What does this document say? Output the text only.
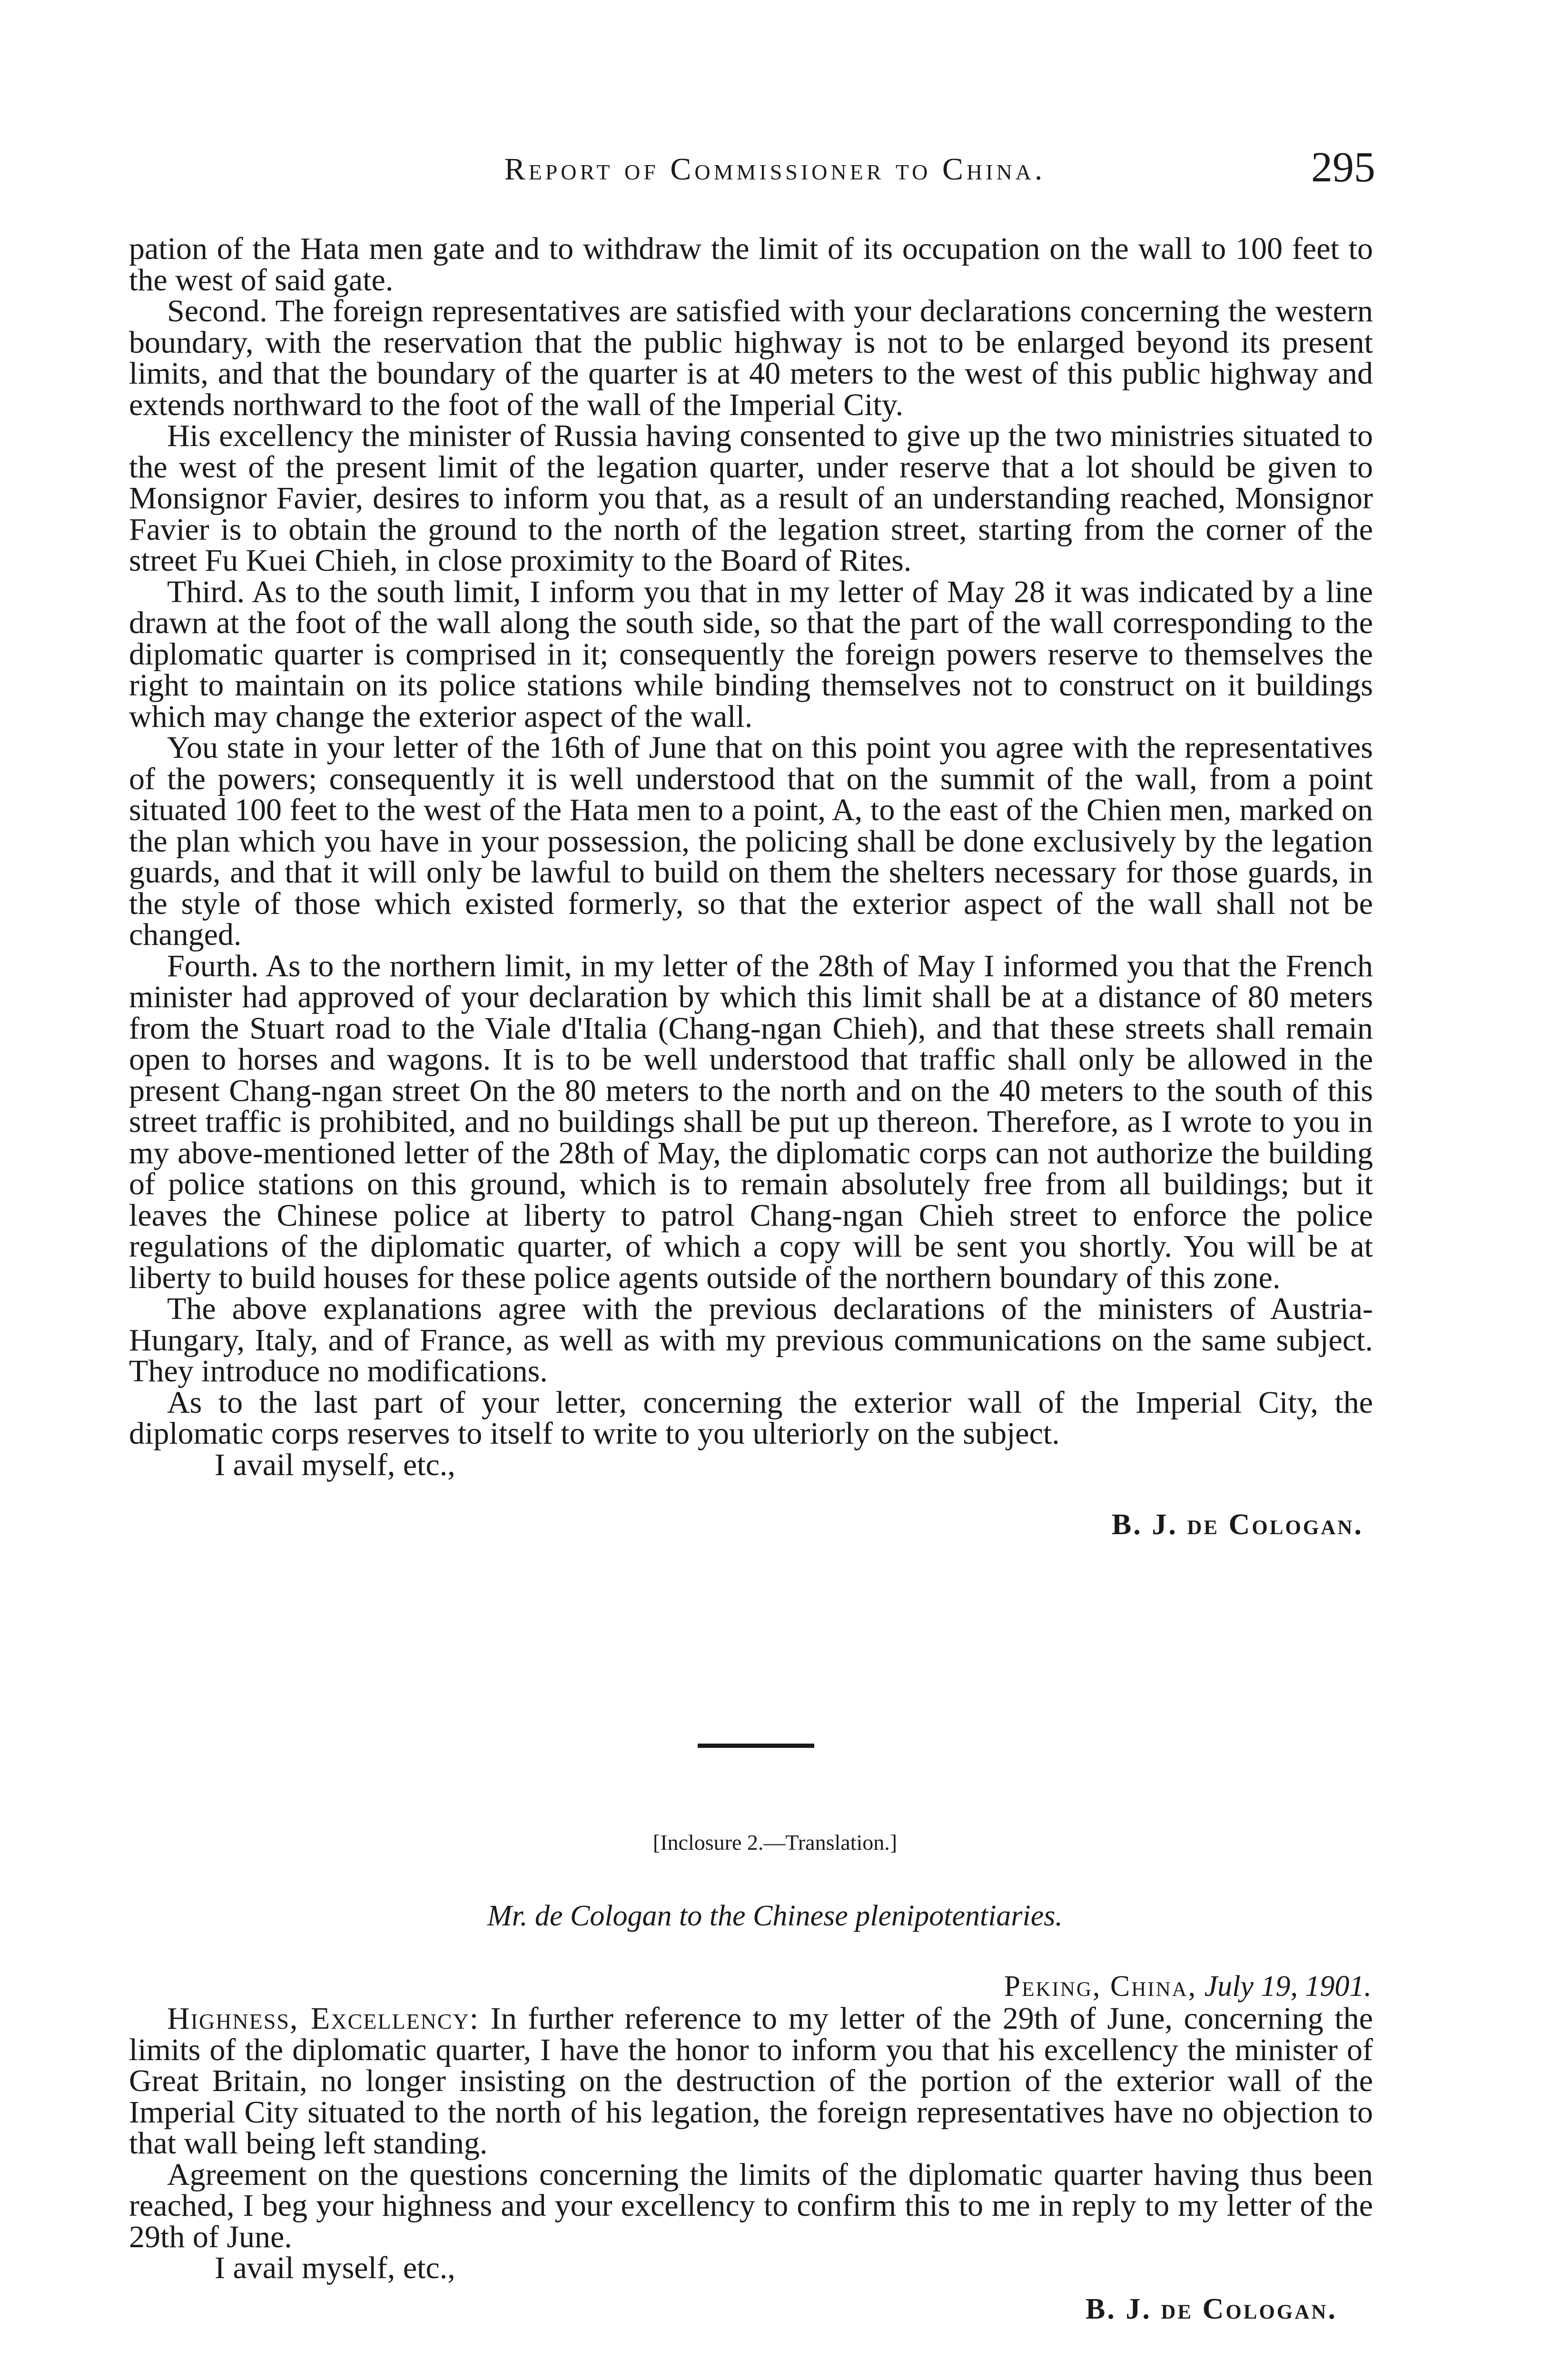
Report of Commissioner to China.	295

pation of the Hata men gate and to withdraw the limit of its occupation on the wall to 100 feet to the west of said gate.

Second. The foreign representatives are satisfied with your declarations concerning the western boundary, with the reservation that the public highway is not to be enlarged beyond its present limits, and that the boundary of the quarter is at 40 meters to the west of this public highway and extends northward to the foot of the wall of the Imperial City.

His excellency the minister of Russia having consented to give up the two ministries situated to the west of the present limit of the legation quarter, under reserve that a lot should be given to Monsignor Favier, desires to inform you that, as a result of an understanding reached, Monsignor Favier is to obtain the ground to the north of the legation street, starting from the corner of the street Fu Kuei Chieh, in close proximity to the Board of Rites.

Third. As to the south limit, I inform you that in my letter of May 28 it was indicated by a line drawn at the foot of the wall along the south side, so that the part of the wall corresponding to the diplomatic quarter is comprised in it; consequently the foreign powers reserve to themselves the right to maintain on its police stations while binding themselves not to construct on it buildings which may change the exterior aspect of the wall.

You state in your letter of the 16th of June that on this point you agree with the representatives of the powers; consequently it is well understood that on the summit of the wall, from a point situated 100 feet to the west of the Hata men to a point, A, to the east of the Chien men, marked on the plan which you have in your possession, the policing shall be done exclusively by the legation guards, and that it will only be lawful to build on them the shelters necessary for those guards, in the style of those which existed formerly, so that the exterior aspect of the wall shall not be changed.

Fourth. As to the northern limit, in my letter of the 28th of May I informed you that the French minister had approved of your declaration by which this limit shall be at a distance of 80 meters from the Stuart road to the Viale d'Italia (Chang-ngan Chieh), and that these streets shall remain open to horses and wagons. It is to be well understood that traffic shall only be allowed in the present Chang-ngan street On the 80 meters to the north and on the 40 meters to the south of this street traffic is prohibited, and no buildings shall be put up thereon. Therefore, as I wrote to you in my above-mentioned letter of the 28th of May, the diplomatic corps can not authorize the building of police stations on this ground, which is to remain absolutely free from all buildings; but it leaves the Chinese police at liberty to patrol Chang-ngan Chieh street to enforce the police regulations of the diplomatic quarter, of which a copy will be sent you shortly. You will be at liberty to build houses for these police agents outside of the northern boundary of this zone.

The above explanations agree with the previous declarations of the ministers of Austria-Hungary, Italy, and of France, as well as with my previous communications on the same subject. They introduce no modifications.

As to the last part of your letter, concerning the exterior wall of the Imperial City, the diplomatic corps reserves to itself to write to you ulteriorly on the subject.

I avail myself, etc.,

B. J. de Cologan.
[Inclosure 2.—Translation.]
Mr. de Cologan to the Chinese plenipotentiaries.
Peking, China, July 19, 1901.

Highness, Excellency: In further reference to my letter of the 29th of June, concerning the limits of the diplomatic quarter, I have the honor to inform you that his excellency the minister of Great Britain, no longer insisting on the destruction of the portion of the exterior wall of the Imperial City situated to the north of his legation, the foreign representatives have no objection to that wall being left standing.

Agreement on the questions concerning the limits of the diplomatic quarter having thus been reached, I beg your highness and your excellency to confirm this to me in reply to my letter of the 29th of June.

I avail myself, etc.,

B. J. de Cologan.
